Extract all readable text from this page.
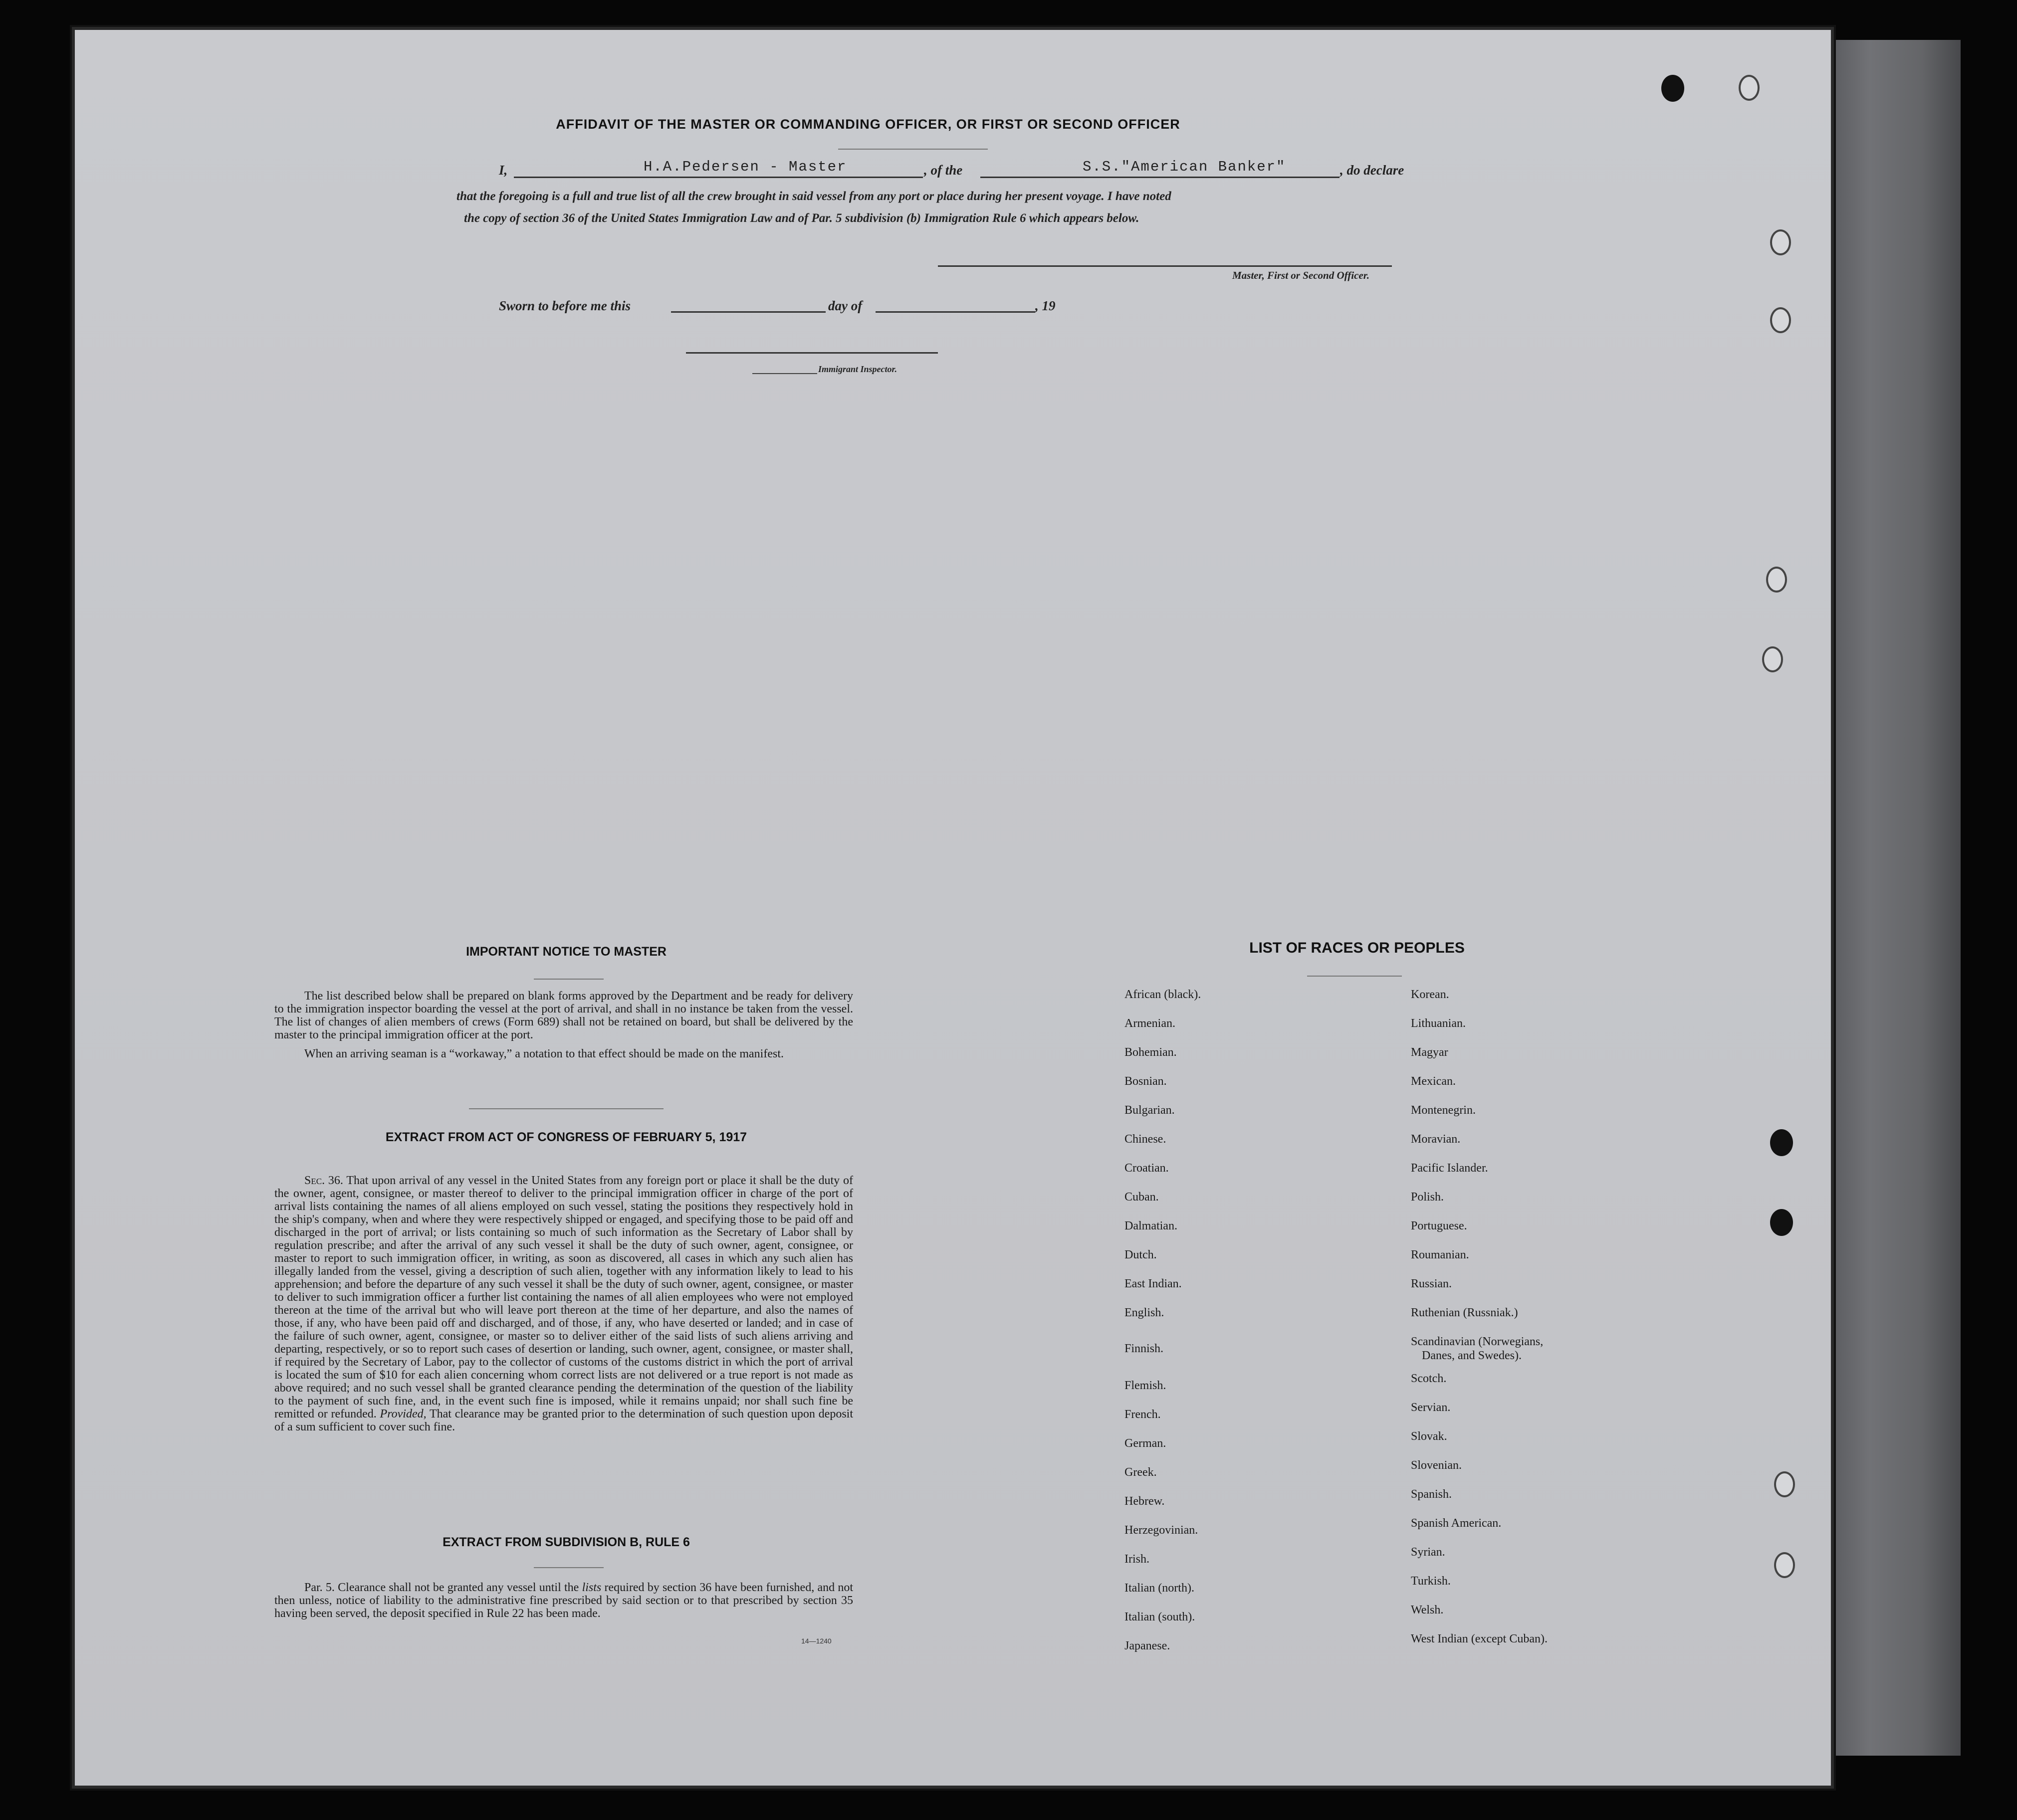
AFFIDAVIT OF THE MASTER OR COMMANDING OFFICER, OR FIRST OR SECOND OFFICER
I,	H.A.Pedersen - Master	, of the	S.S."American Banker"	, do declare
that the foregoing is a full and true list of all the crew brought in said vessel from any port or place during her present voyage. I have noted
the copy of section 36 of the United States Immigration Law and of Par. 5 subdivision (b) Immigration Rule 6 which appears below.
Master, First or Second Officer.
Sworn to before me this	day of	, 19
Immigrant Inspector.
IMPORTANT NOTICE TO MASTER

The list described below shall be prepared on blank forms approved by the Department and be ready for delivery to the immigration inspector boarding the vessel at the port of arrival, and shall in no instance be taken from the vessel. The list of changes of alien members of crews (Form 689) shall not be retained on board, but shall be delivered by the master to the principal immigration officer at the port.

When an arriving seaman is a “workaway,” a notation to that effect should be made on the manifest.

EXTRACT FROM ACT OF CONGRESS OF FEBRUARY 5, 1917

Sec. 36. That upon arrival of any vessel in the United States from any foreign port or place it shall be the duty of the owner, agent, consignee, or master thereof to deliver to the principal immigration officer in charge of the port of arrival lists containing the names of all aliens employed on such vessel, stating the positions they respectively hold in the ship's company, when and where they were respectively shipped or engaged, and specifying those to be paid off and discharged in the port of arrival; or lists containing so much of such information as the Secretary of Labor shall by regulation prescribe; and after the arrival of any such vessel it shall be the duty of such owner, agent, consignee, or master to report to such immigration officer, in writing, as soon as discovered, all cases in which any such alien has illegally landed from the vessel, giving a description of such alien, together with any information likely to lead to his apprehension; and before the departure of any such vessel it shall be the duty of such owner, agent, consignee, or master to deliver to such immigration officer a further list containing the names of all alien employees who were not employed thereon at the time of the arrival but who will leave port thereon at the time of her departure, and also the names of those, if any, who have been paid off and discharged, and of those, if any, who have deserted or landed; and in case of the failure of such owner, agent, consignee, or master so to deliver either of the said lists of such aliens arriving and departing, respectively, or so to report such cases of desertion or landing, such owner, agent, consignee, or master shall, if required by the Secretary of Labor, pay to the collector of customs of the customs district in which the port of arrival is located the sum of $10 for each alien concerning whom correct lists are not delivered or a true report is not made as above required; and no such vessel shall be granted clearance pending the determination of the question of the liability to the payment of such fine, and, in the event such fine is imposed, while it remains unpaid; nor shall such fine be remitted or refunded. Provided, That clearance may be granted prior to the determination of such question upon deposit of a sum sufficient to cover such fine.

EXTRACT FROM SUBDIVISION B, RULE 6

Par. 5. Clearance shall not be granted any vessel until the lists required by section 36 have been furnished, and not then unless, notice of liability to the administrative fine prescribed by said section or to that prescribed by section 35 having been served, the deposit specified in Rule 22 has been made.

14—1240
LIST OF RACES OR PEOPLES
African (black).
Armenian.
Bohemian.
Bosnian.
Bulgarian.
Chinese.
Croatian.
Cuban.
Dalmatian.
Dutch.
East Indian.
English.
Finnish.
Flemish.
French.
German.
Greek.
Hebrew.
Herzegovinian.
Irish.
Italian (north).
Italian (south).
Japanese.
Korean.
Lithuanian.
Magyar
Mexican.
Montenegrin.
Moravian.
Pacific Islander.
Polish.
Portuguese.
Roumanian.
Russian.
Ruthenian (Russniak.)
Scandinavian (Norwegians,
Danes, and Swedes).
Scotch.
Servian.
Slovak.
Slovenian.
Spanish.
Spanish American.
Syrian.
Turkish.
Welsh.
West Indian (except Cuban).
